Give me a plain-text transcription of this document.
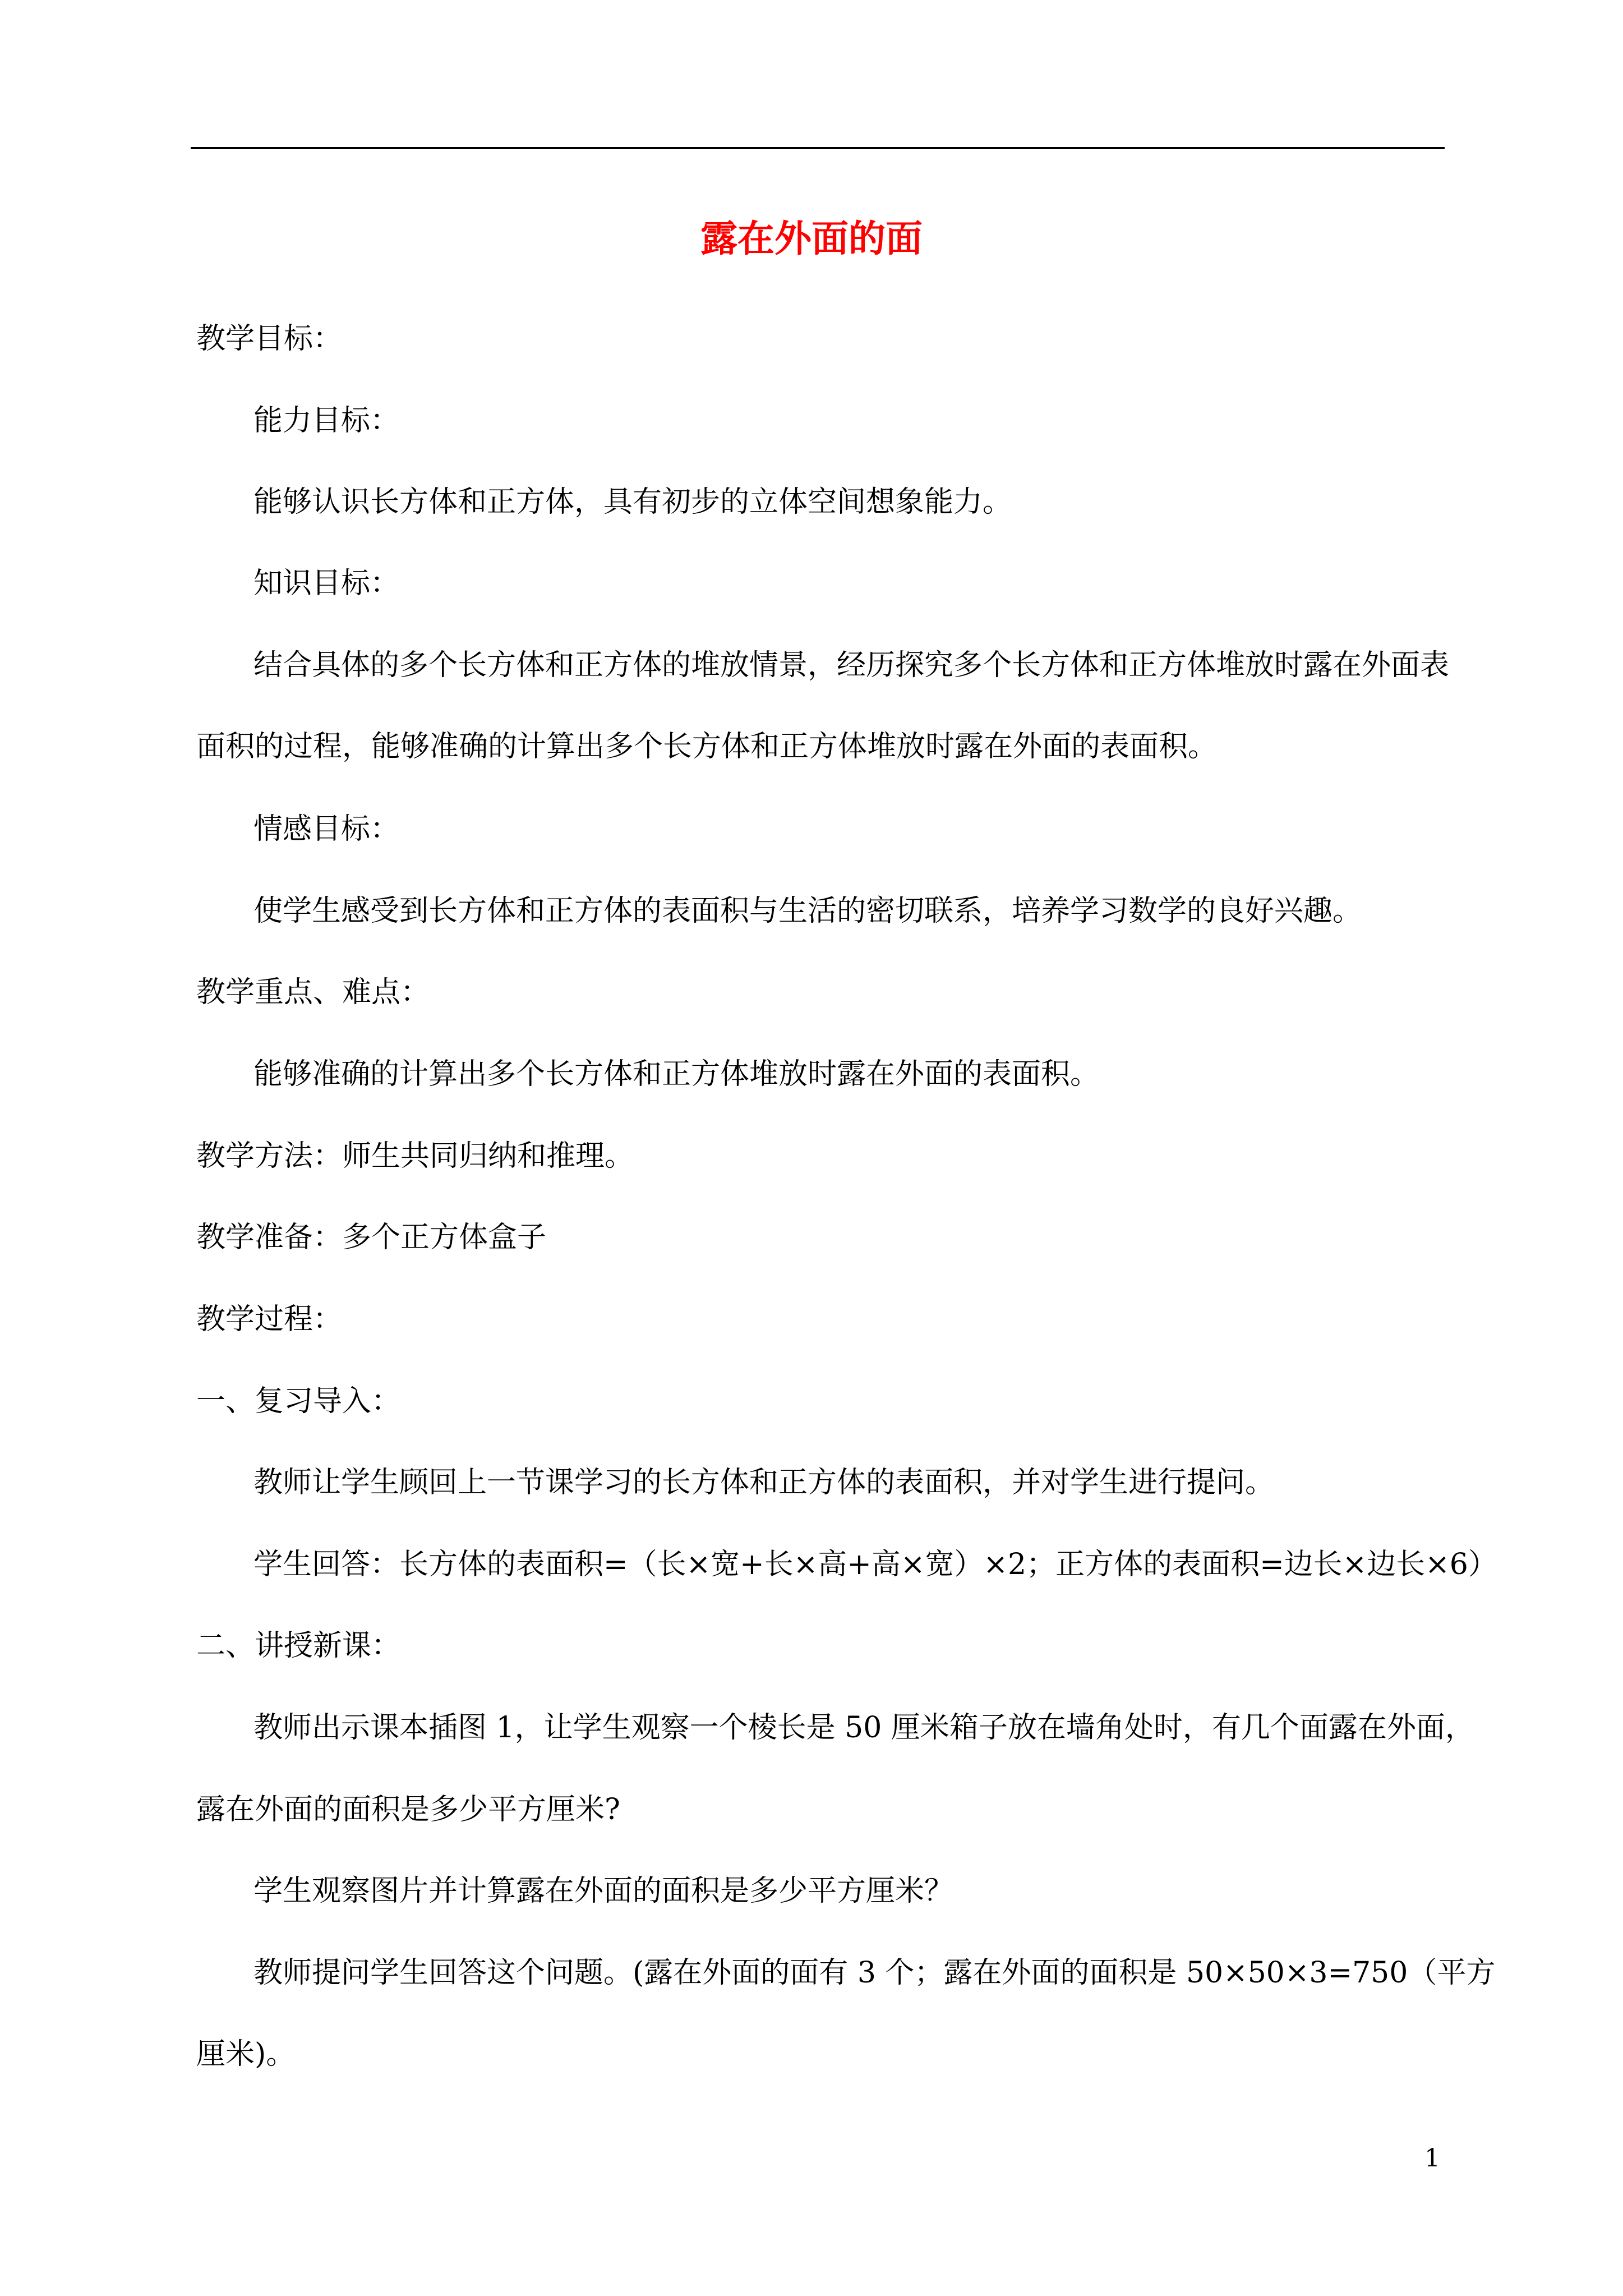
露在外面的面
教学目标：
能力目标：
能够认识长方体和正方体，具有初步的立体空间想象能力。
知识目标：
结合具体的多个长方体和正方体的堆放情景，经历探究多个长方体和正方体堆放时露在外面表
面积的过程，能够准确的计算出多个长方体和正方体堆放时露在外面的表面积。
情感目标：
使学生感受到长方体和正方体的表面积与生活的密切联系，培养学习数学的良好兴趣。
教学重点、难点：
能够准确的计算出多个长方体和正方体堆放时露在外面的表面积。
教学方法：师生共同归纳和推理。
教学准备：多个正方体盒子
教学过程：
一、复习导入：
教师让学生顾回上一节课学习的长方体和正方体的表面积，并对学生进行提问。
学生回答：长方体的表面积=（长×宽+长×高+高×宽）×2；正方体的表面积=边长×边长×6）
二、讲授新课：
教师出示课本插图 1，让学生观察一个棱长是 50 厘米箱子放在墙角处时，有几个面露在外面，
露在外面的面积是多少平方厘米?
学生观察图片并计算露在外面的面积是多少平方厘米？
教师提问学生回答这个问题。(露在外面的面有 3 个；露在外面的面积是 50×50×3=750（平方
厘米)。
1
